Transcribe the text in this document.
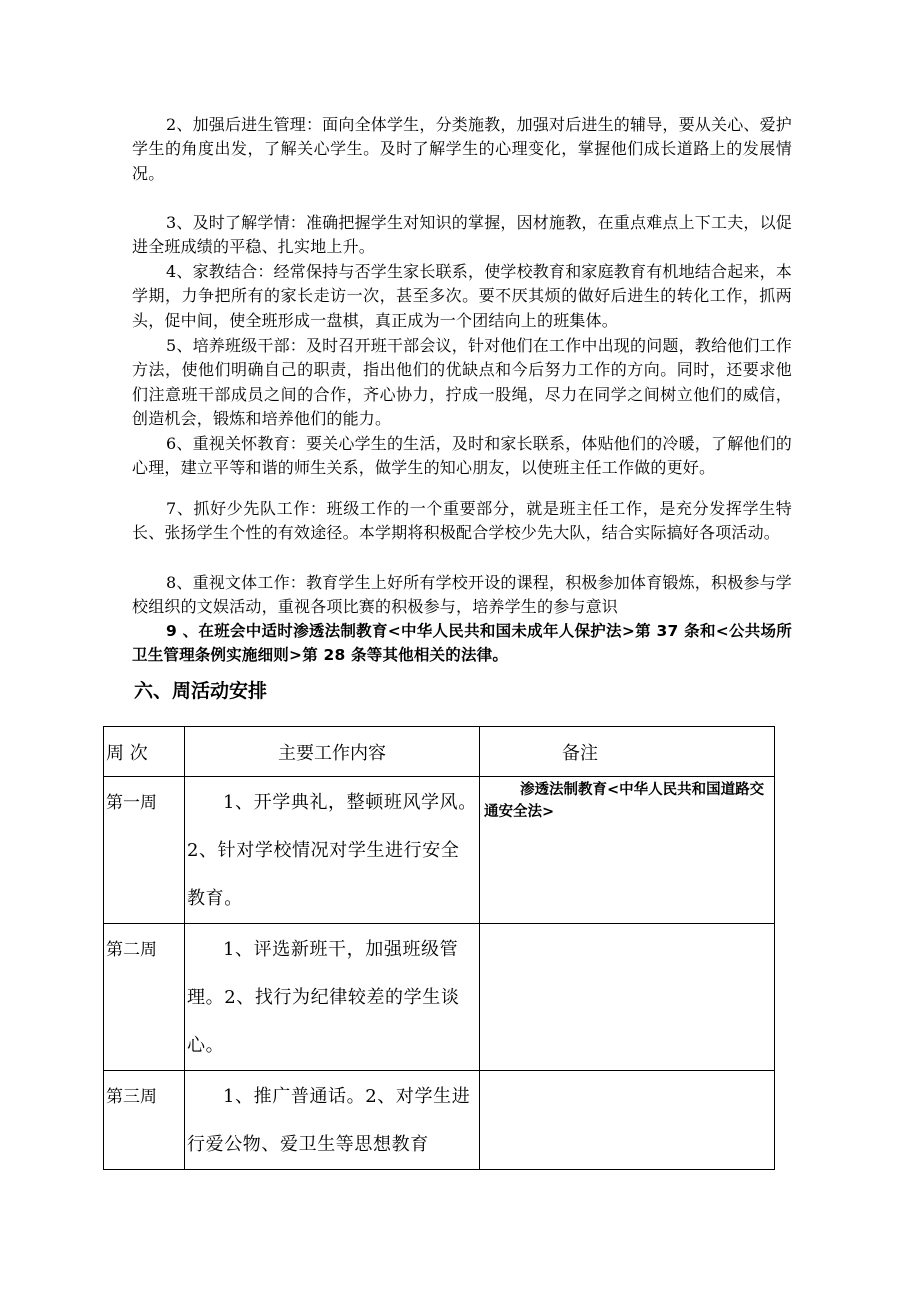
2、加强后进生管理：面向全体学生，分类施教，加强对后进生的辅导，要从关心、爱护学生的角度出发，了解关心学生。及时了解学生的心理变化，掌握他们成长道路上的发展情况。

3、及时了解学情：准确把握学生对知识的掌握，因材施教，在重点难点上下工夫，以促进全班成绩的平稳、扎实地上升。

4、家教结合：经常保持与否学生家长联系，使学校教育和家庭教育有机地结合起来，本学期，力争把所有的家长走访一次，甚至多次。要不厌其烦的做好后进生的转化工作，抓两头，促中间，使全班形成一盘棋，真正成为一个团结向上的班集体。

5、培养班级干部：及时召开班干部会议，针对他们在工作中出现的问题，教给他们工作方法，使他们明确自己的职责，指出他们的优缺点和今后努力工作的方向。同时，还要求他们注意班干部成员之间的合作，齐心协力，拧成一股绳，尽力在同学之间树立他们的威信，创造机会，锻炼和培养他们的能力。

6、重视关怀教育：要关心学生的生活，及时和家长联系，体贴他们的冷暖，了解他们的心理，建立平等和谐的师生关系，做学生的知心朋友，以使班主任工作做的更好。

7、抓好少先队工作：班级工作的一个重要部分，就是班主任工作，是充分发挥学生特长、张扬学生个性的有效途径。本学期将积极配合学校少先大队，结合实际搞好各项活动。

8、重视文体工作：教育学生上好所有学校开设的课程，积极参加体育锻炼，积极参与学校组织的文娱活动，重视各项比赛的积极参与，培养学生的参与意识

9 、在班会中适时渗透法制教育<中华人民共和国未成年人保护法>第 37 条和<公共场所卫生管理条例实施细则>第 28 条等其他相关的法律。

六、周活动安排
周 次	主要工作内容	备注

第一周	1、开学典礼，整顿班风学风。2、针对学校情况对学生进行安全教育。	渗透法制教育<中华人民共和国道路交通安全法>

第二周	1、评选新班干，加强班级管理。2、找行为纪律较差的学生谈心。	

第三周	1、推广普通话。2、对学生进行爱公物、爱卫生等思想教育	
